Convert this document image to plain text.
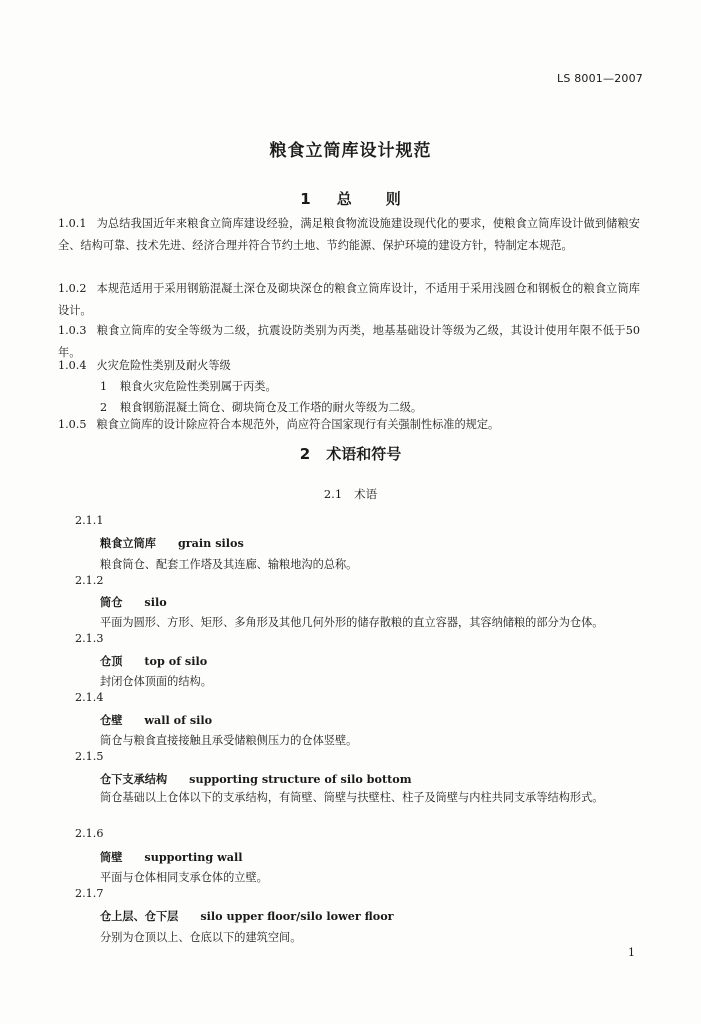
LS 8001—2007
粮食立筒库设计规范
1 总则
1.0.1 为总结我国近年来粮食立筒库建设经验，满足粮食物流设施建设现代化的要求，使粮食立筒库设计做到储粮安全、结构可靠、技术先进、经济合理并符合节约土地、节约能源、保护环境的建设方针，特制定本规范。
1.0.2 本规范适用于采用钢筋混凝土深仓及砌块深仓的粮食立筒库设计，不适用于采用浅圆仓和钢板仓的粮食立筒库设计。
1.0.3 粮食立筒库的安全等级为二级，抗震设防类别为丙类，地基基础设计等级为乙级，其设计使用年限不低于50年。
1.0.4 火灾危险性类别及耐火等级
1 粮食火灾危险性类别属于丙类。
2 粮食钢筋混凝土筒仓、砌块筒仓及工作塔的耐火等级为二级。
1.0.5 粮食立筒库的设计除应符合本规范外，尚应符合国家现行有关强制性标准的规定。
2 术语和符号
2.1 术语
2.1.1
粮食立筒库 grain silos
粮食筒仓、配套工作塔及其连廊、输粮地沟的总称。
2.1.2
筒仓 silo
平面为圆形、方形、矩形、多角形及其他几何外形的储存散粮的直立容器，其容纳储粮的部分为仓体。
2.1.3
仓顶 top of silo
封闭仓体顶面的结构。
2.1.4
仓壁 wall of silo
筒仓与粮食直接接触且承受储粮侧压力的仓体竖壁。
2.1.5
仓下支承结构 supporting structure of silo bottom
筒仓基础以上仓体以下的支承结构，有筒壁、筒壁与扶壁柱、柱子及筒壁与内柱共同支承等结构形式。
2.1.6
筒壁 supporting wall
平面与仓体相同支承仓体的立壁。
2.1.7
仓上层、仓下层 silo upper floor/silo lower floor
分别为仓顶以上、仓底以下的建筑空间。
1
